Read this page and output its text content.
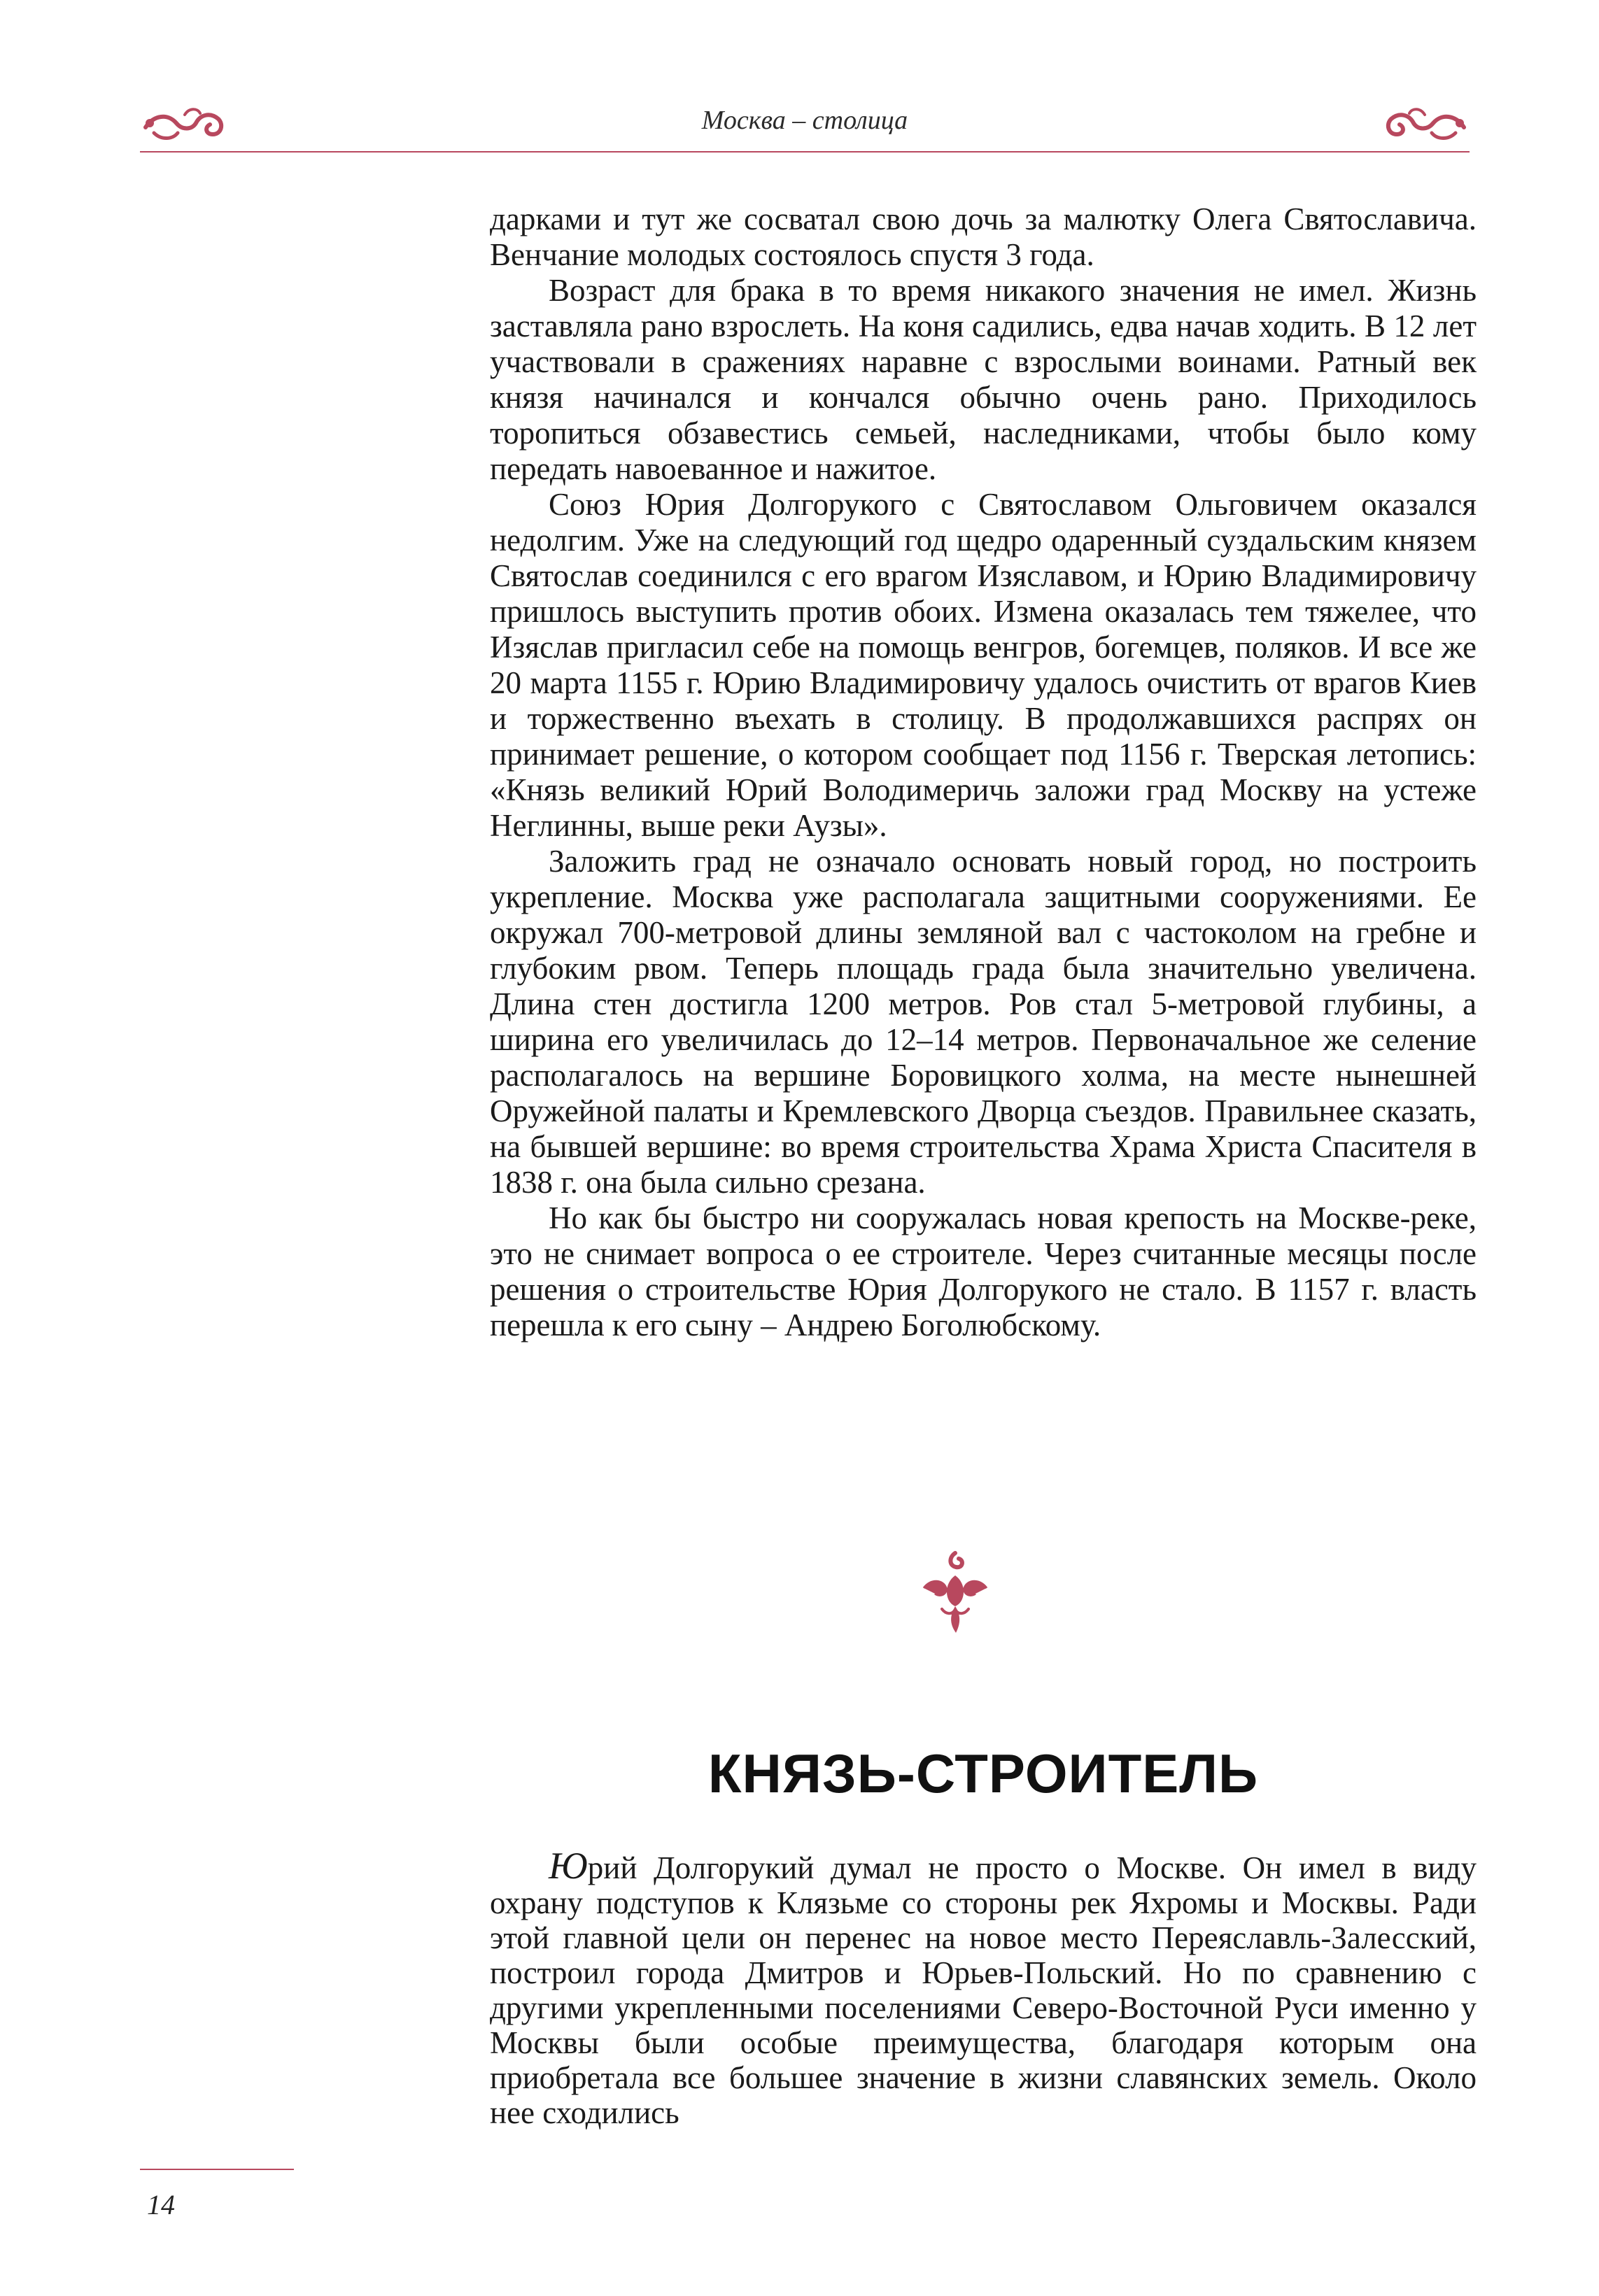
Москва – столица

дарками и тут же сосватал свою дочь за малютку Олега Святославича. Венчание молодых состоялось спустя 3 года.

Возраст для брака в то время никакого значения не имел. Жизнь заставляла рано взрослеть. На коня садились, едва начав ходить. В 12 лет участвовали в сражениях наравне с взрослыми воинами. Ратный век князя начинался и кончался обычно очень рано. Приходилось торопиться обзавестись семьей, наследниками, чтобы было кому передать навоеванное и нажитое.

Союз Юрия Долгорукого с Святославом Ольговичем оказался недолгим. Уже на следующий год щедро одаренный суздальским князем Святослав соединился с его врагом Изяславом, и Юрию Владимировичу пришлось выступить против обоих. Измена оказалась тем тяжелее, что Изяслав пригласил себе на помощь венгров, богемцев, поляков. И все же 20 марта 1155 г. Юрию Владимировичу удалось очистить от врагов Киев и торжественно въехать в столицу. В продолжавшихся распрях он принимает решение, о котором сообщает под 1156 г. Тверская летопись: «Князь великий Юрий Володимеричь заложи град Москву на устеже Неглинны, выше реки Аузы».

Заложить град не означало основать новый город, но построить укрепление. Москва уже располагала защитными сооружениями. Ее окружал 700-метровой длины земляной вал с частоколом на гребне и глубоким рвом. Теперь площадь града была значительно увеличена. Длина стен достигла 1200 метров. Ров стал 5-метровой глубины, а ширина его увеличилась до 12–14 метров. Первоначальное же селение располагалось на вершине Боровицкого холма, на месте нынешней Оружейной палаты и Кремлевского Дворца съездов. Правильнее сказать, на бывшей вершине: во время строительства Храма Христа Спасителя в 1838 г. она была сильно срезана.

Но как бы быстро ни сооружалась новая крепость на Москве-реке, это не снимает вопроса о ее строителе. Через считанные месяцы после решения о строительстве Юрия Долгорукого не стало. В 1157 г. власть перешла к его сыну – Андрею Боголюбскому.

КНЯЗЬ-СТРОИТЕЛЬ

Юрий Долгорукий думал не просто о Москве. Он имел в виду охрану подступов к Клязьме со стороны рек Яхромы и Москвы. Ради этой главной цели он перенес на новое место Переяславль-Залесский, построил города Дмитров и Юрьев-Польский. Но по сравнению с другими укрепленными поселениями Северо-Восточной Руси именно у Москвы были особые преимущества, благодаря которым она приобретала все большее значение в жизни славянских земель. Около нее сходились

14
